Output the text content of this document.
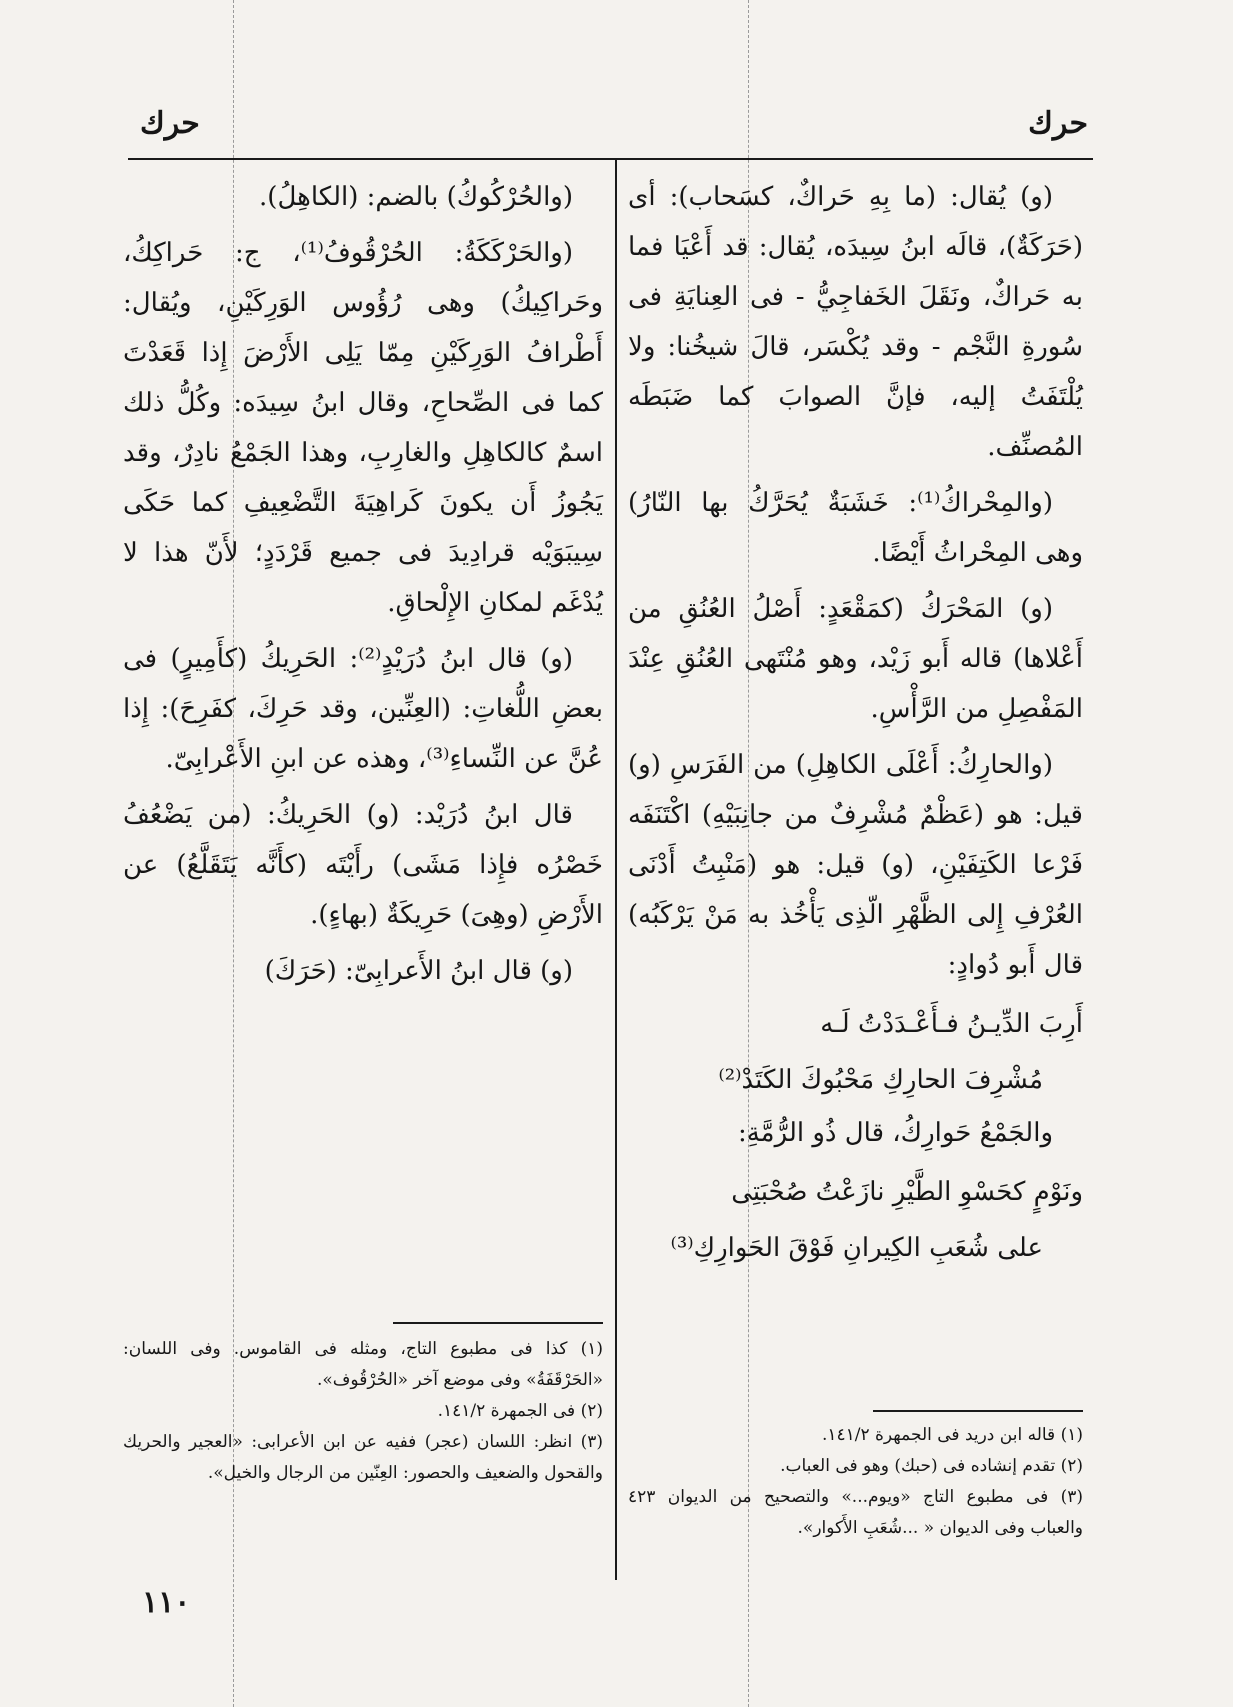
حرك
حرك

(و) يُقال: (ما بِهِ حَراكٌ، كسَحاب): أى (حَرَكَةٌ)، قالَه ابنُ سِيدَه، يُقال: قد أَعْيَا فما به حَراكٌ، ونَقَلَ الخَفاجِيُّ - فى العِنايَةِ فى سُورةِ النَّجْم - وقد يُكْسَر، قالَ شيخُنا: ولا يُلْتَفَتُ إليه، فإنَّ الصوابَ كما ضَبَطَه المُصنِّف.

(والمِحْراكُ⁽¹⁾: خَشَبَةٌ يُحَرَّكُ بها النّارُ) وهى المِحْراثُ أَيْضًا.

(و) المَحْرَكُ (كمَقْعَدٍ: أَصْلُ العُنُقِ من أَعْلاها) قاله أَبو زَيْد، وهو مُنْتَهى العُنُقِ عِنْدَ المَفْصِلِ من الرَّأْسِ.

(والحارِكُ: أَعْلَى الكاهِلِ) من الفَرَسِ (و) قيل: هو (عَظْمٌ مُشْرِفٌ من جانِبَيْهِ) اكْتَنَفَه فَرْعا الكَتِفَيْنِ، (و) قيل: هو (مَنْبِتُ أَدْنَى العُرْفِ إِلى الظَّهْرِ الّذِى يَأْخُذ به مَنْ يَرْكَبُه) قال أَبو دُوادٍ:

أَرِبَ الدِّيـنُ فـأَعْـدَدْتُ لَـه

مُشْرِفَ الحارِكِ مَحْبُوكَ الكَتَدْ⁽²⁾

والجَمْعُ حَوارِكُ، قال ذُو الرُّمَّةِ:

ونَوْمٍ كحَسْوِ الطَّيْرِ نازَعْتُ صُحْبَتِى

على شُعَبِ الكِيرانِ فَوْقَ الحَوارِكِ⁽³⁾

(والحُرْكُوكُ) بالضم: (الكاهِلُ).

(والحَرْكَكَةُ: الحُرْقُوفُ⁽¹⁾، ج: حَراكِكُ، وحَراكِيكُ) وهى رُؤُوس الوَرِكَيْنِ، ويُقال: أَطْرافُ الوَرِكَيْنِ مِمّا يَلِى الأَرْضَ إِذا قَعَدْتَ كما فى الصِّحاحِ، وقال ابنُ سِيدَه: وكُلُّ ذلك اسمٌ كالكاهِلِ والغارِبِ، وهذا الجَمْعُ نادِرٌ، وقد يَجُوزُ أَن يكونَ كَراهِيَةَ التَّضْعِيفِ كما حَكَى سِيبَوَيْه قرادِيدَ فى جميع قَرْدَدٍ؛ لأَنّ هذا لا يُدْغَم لمكانِ الإِلْحاقِ.

(و) قال ابنُ دُرَيْدٍ⁽²⁾: الحَرِيكُ (كأَمِيرٍ) فى بعضِ اللُّغاتِ: (العِنِّين، وقد حَرِكَ، كفَرِحَ): إِذا عُنَّ عن النِّساءِ⁽³⁾، وهذه عن ابنِ الأَعْرابِىّ.

قال ابنُ دُرَيْد: (و) الحَرِيكُ: (من يَضْعُفُ خَصْرُه فإِذا مَشَى) رأَيْتَه (كأَنَّه يَتَقَلَّعُ) عن الأَرْضِ (وهِىَ) حَرِيكَةٌ (بهاءٍ).

(و) قال ابنُ الأَعرابِىّ: (حَرَكَ)

(١) قاله ابن دريد فى الجمهرة ١٤١/٢.

(٢) تقدم إنشاده فى (حبك) وهو فى العباب.

(٣) فى مطبوع التاج «ويوم...» والتصحيح من الديوان ٤٢٣ والعباب وفى الديوان « ...شُعَبِ الأَكوار».

(١) كذا فى مطبوع التاج، ومثله فى القاموس. وفى اللسان: «الحَرْقَفَةُ» وفى موضع آخر «الحُرْقُوف».

(٢) فى الجمهرة ١٤١/٢.

(٣) انظر: اللسان (عجر) ففيه عن ابن الأعرابى: «العجير والحريك والقحول والضعيف والحصور: العِنّين من الرجال والخيل».

١١٠
